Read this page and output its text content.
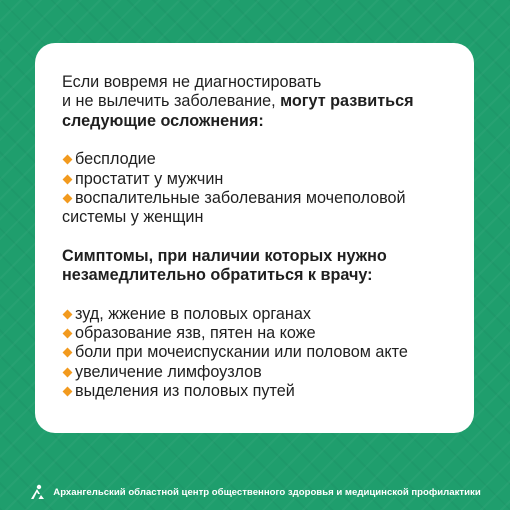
Если вовремя не диагностировать
и не вылечить заболевание, могут развиться
следующие осложнения:

бесплодие
простатит у мужчин
воспалительные заболевания мочеполовой

системы у женщин

Симптомы, при наличии которых нужно
незамедлительно обратиться к врачу:

зуд, жжение в половых органах
образование язв, пятен на коже
боли при мочеиспускании или половом акте
увеличение лимфоузлов
выделения из половых путей
Архангельский областной центр общественного здоровья и медицинской профилактики
